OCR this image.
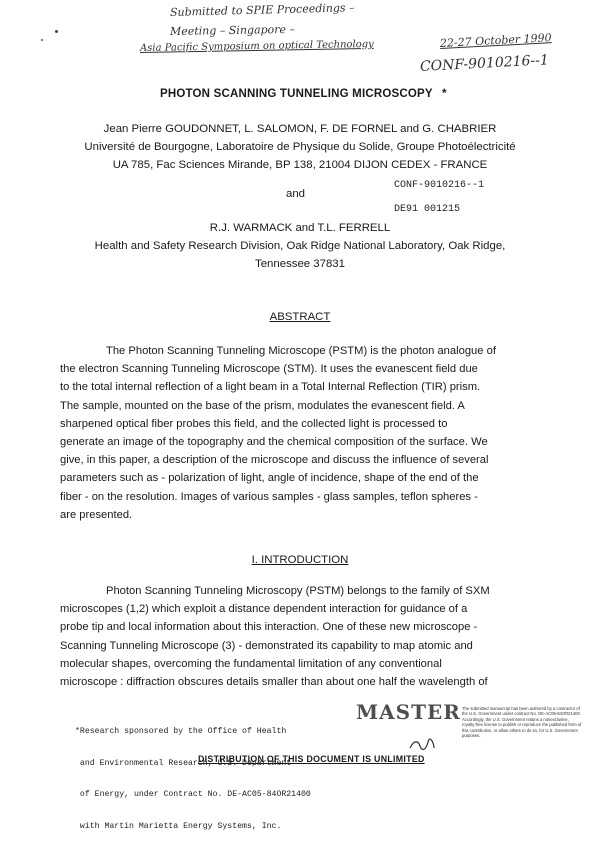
Submitted to SPIE Proceedings –
Meeting – Singapore –
Asia Pacific Symposium on optical Technology	22-27 October 1990
CONF-9010216--1
PHOTON SCANNING TUNNELING MICROSCOPY *
Jean Pierre GOUDONNET, L. SALOMON, F. DE FORNEL and G. CHABRIER
Université de Bourgogne, Laboratoire de Physique du Solide, Groupe Photoélectricité
UA 785, Fac Sciences Mirande, BP 138, 21004 DIJON CEDEX - FRANCE
and
CONF-9010216--1
DE91 001215
R.J. WARMACK and T.L. FERRELL
Health and Safety Research Division, Oak Ridge National Laboratory, Oak Ridge,
Tennessee 37831
ABSTRACT
The Photon Scanning Tunneling Microscope (PSTM) is the photon analogue of
the electron Scanning Tunneling Microscope (STM). It uses the evanescent field due
to the total internal reflection of a light beam in a Total Internal Reflection (TIR) prism.
The sample, mounted on the base of the prism, modulates the evanescent field. A
sharpened optical fiber probes this field, and the collected light is processed to
generate an image of the topography and the chemical composition of the surface. We
give, in this paper, a description of the microscope and discuss the influence of several
parameters such as - polarization of light, angle of incidence, shape of the end of the
fiber - on the resolution. Images of various samples - glass samples, teflon spheres -
are presented.
I. INTRODUCTION
Photon Scanning Tunneling Microscopy (PSTM) belongs to the family of SXM
microscopes (1,2) which exploit a distance dependent interaction for guidance of a
probe tip and local information about this interaction. One of these new microscope -
Scanning Tunneling Microscope (3) - demonstrated its capability to map atomic and
molecular shapes, overcoming the fundamental limitation of any conventional
microscope : diffraction obscures details smaller than about one half the wavelength of

*Research sponsored by the Office of Health

and Environmental Research, U.S. Department

of Energy, under Contract No. DE-AC05-84OR21400

with Martin Marietta Energy Systems, Inc.

MASTER The submitted manuscript has been authored by a contractor of the U.S. Government under contract No. DE-AC05-84OR21400. Accordingly, the U.S. Government retains a nonexclusive, royalty-free license to publish or reproduce the published form of this contribution, or allow others to do so, for U.S. Government purposes.
DISTRIBUTION OF THIS DOCUMENT IS UNLIMITED
